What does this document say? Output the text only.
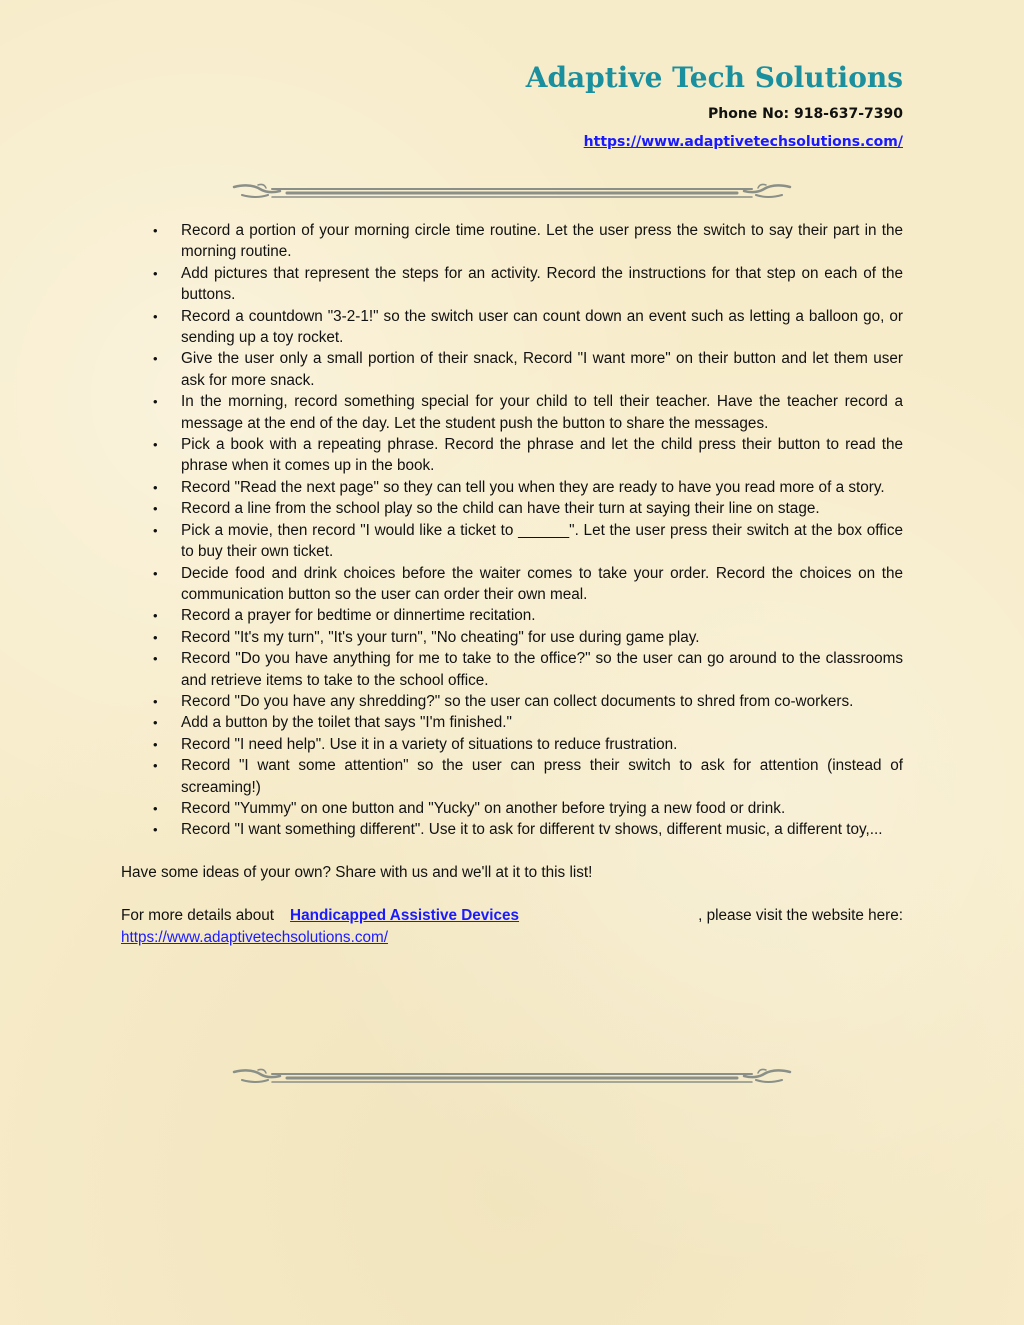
Adaptive Tech Solutions
Phone No: 918-637-7390
https://www.adaptivetechsolutions.com/
• Record a portion of your morning circle time routine. Let the user press the switch to say their part in the morning routine.
• Add pictures that represent the steps for an activity. Record the instructions for that step on each of the buttons.
• Record a countdown "3-2-1!" so the switch user can count down an event such as letting a balloon go, or sending up a toy rocket.
• Give the user only a small portion of their snack, Record "I want more" on their button and let them user ask for more snack.
• In the morning, record something special for your child to tell their teacher. Have the teacher record a message at the end of the day. Let the student push the button to share the messages.
• Pick a book with a repeating phrase. Record the phrase and let the child press their button to read the phrase when it comes up in the book.
• Record "Read the next page" so they can tell you when they are ready to have you read more of a story.
• Record a line from the school play so the child can have their turn at saying their line on stage.
• Pick a movie, then record "I would like a ticket to ______". Let the user press their switch at the box office to buy their own ticket.
• Decide food and drink choices before the waiter comes to take your order. Record the choices on the communication button so the user can order their own meal.
• Record a prayer for bedtime or dinnertime recitation.
• Record "It's my turn", "It's your turn", "No cheating" for use during game play.
• Record "Do you have anything for me to take to the office?" so the user can go around to the classrooms and retrieve items to take to the school office.
• Record "Do you have any shredding?" so the user can collect documents to shred from co-workers.
• Add a button by the toilet that says "I'm finished."
• Record "I need help". Use it in a variety of situations to reduce frustration.
• Record "I want some attention" so the user can press their switch to ask for attention (instead of screaming!)
• Record "Yummy" on one button and "Yucky" on another before trying a new food or drink.
• Record "I want something different". Use it to ask for different tv shows, different music, a different toy,...
Have some ideas of your own? Share with us and we'll at it to this list!
For more details about Handicapped Assistive Devices	, please visit the website here:
https://www.adaptivetechsolutions.com/
